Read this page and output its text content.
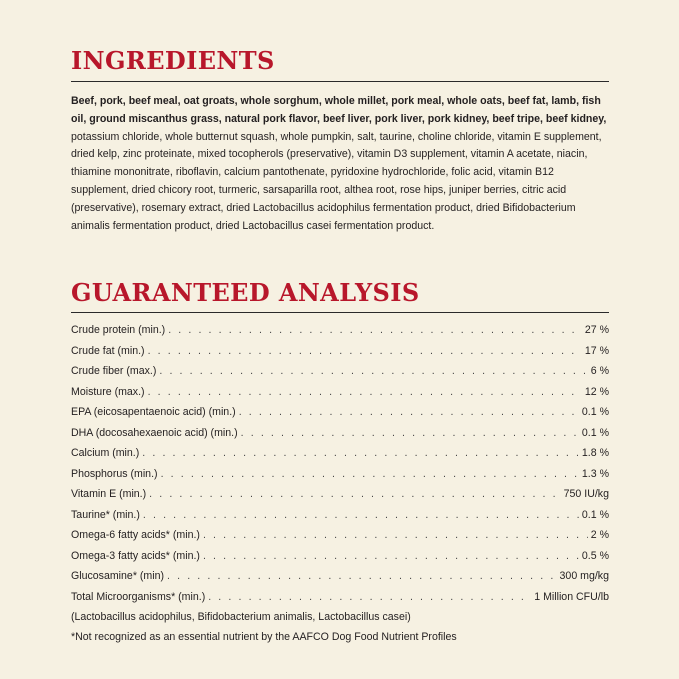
INGREDIENTS

Beef, pork, beef meal, oat groats, whole sorghum, whole millet, pork meal, whole oats, beef fat, lamb, fish oil, ground miscanthus grass, natural pork flavor, beef liver, pork liver, pork kidney, beef tripe, beef kidney, potassium chloride, whole butternut squash, whole pumpkin, salt, taurine, choline chloride, vitamin E supplement, dried kelp, zinc proteinate, mixed tocopherols (preservative), vitamin D3 supplement, vitamin A acetate, niacin, thiamine mononitrate, riboflavin, calcium pantothenate, pyridoxine hydrochloride, folic acid, vitamin B12 supplement, dried chicory root, turmeric, sarsaparilla root, althea root, rose hips, juniper berries, citric acid (preservative), rosemary extract, dried Lactobacillus acidophilus fermentation product, dried Bifidobacterium animalis fermentation product, dried Lactobacillus casei fermentation product.

GUARANTEED ANALYSIS
Crude protein (min.) . . .	27 %
Crude fat (min.) . . .	17 %
Crude fiber (max.) . . .	6 %
Moisture (max.) . . .	12 %
EPA (eicosapentaenoic acid) (min.) . . .	0.1 %
DHA (docosahexaenoic acid) (min.) . . .	0.1 %
Calcium (min.) . . .	1.8 %
Phosphorus (min.) . . .	1.3 %
Vitamin E (min.) . . .	750 IU/kg
Taurine* (min.) . . .	0.1 %
Omega-6 fatty acids* (min.) . . .	2 %
Omega-3 fatty acids* (min.) . . .	0.5 %
Glucosamine* (min) . . .	300 mg/kg
Total Microorganisms* (min.) . . .	1 Million CFU/lb

(Lactobacillus acidophilus, Bifidobacterium animalis, Lactobacillus casei)

*Not recognized as an essential nutrient by the AAFCO Dog Food Nutrient Profiles
